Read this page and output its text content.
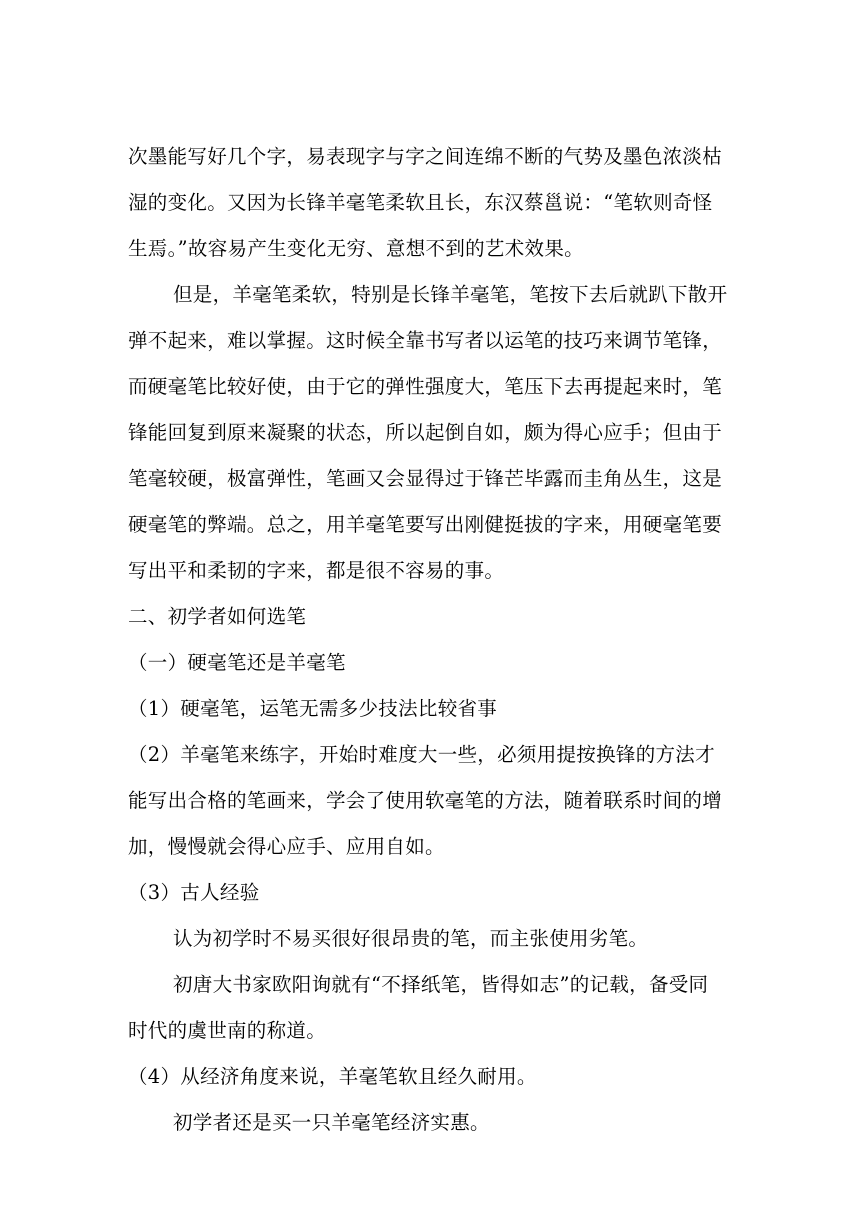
次墨能写好几个字，易表现字与字之间连绵不断的气势及墨色浓淡枯
湿的变化。又因为长锋羊毫笔柔软且长，东汉蔡邕说：“笔软则奇怪
生焉。”故容易产生变化无穷、意想不到的艺术效果。
但是，羊毫笔柔软，特别是长锋羊毫笔，笔按下去后就趴下散开
弹不起来，难以掌握。这时候全靠书写者以运笔的技巧来调节笔锋，
而硬毫笔比较好使，由于它的弹性强度大，笔压下去再提起来时，笔
锋能回复到原来凝聚的状态，所以起倒自如，颇为得心应手；但由于
笔毫较硬，极富弹性，笔画又会显得过于锋芒毕露而圭角丛生，这是
硬毫笔的弊端。总之，用羊毫笔要写出刚健挺拔的字来，用硬毫笔要
写出平和柔韧的字来，都是很不容易的事。
二、初学者如何选笔
（一）硬毫笔还是羊毫笔
（1）硬毫笔，运笔无需多少技法比较省事
（2）羊毫笔来练字，开始时难度大一些，必须用提按换锋的方法才
能写出合格的笔画来，学会了使用软毫笔的方法，随着联系时间的增
加，慢慢就会得心应手、应用自如。
（3）古人经验
认为初学时不易买很好很昂贵的笔，而主张使用劣笔。
初唐大书家欧阳询就有“不择纸笔，皆得如志”的记载，备受同
时代的虞世南的称道。
（4）从经济角度来说，羊毫笔软且经久耐用。
初学者还是买一只羊毫笔经济实惠。
